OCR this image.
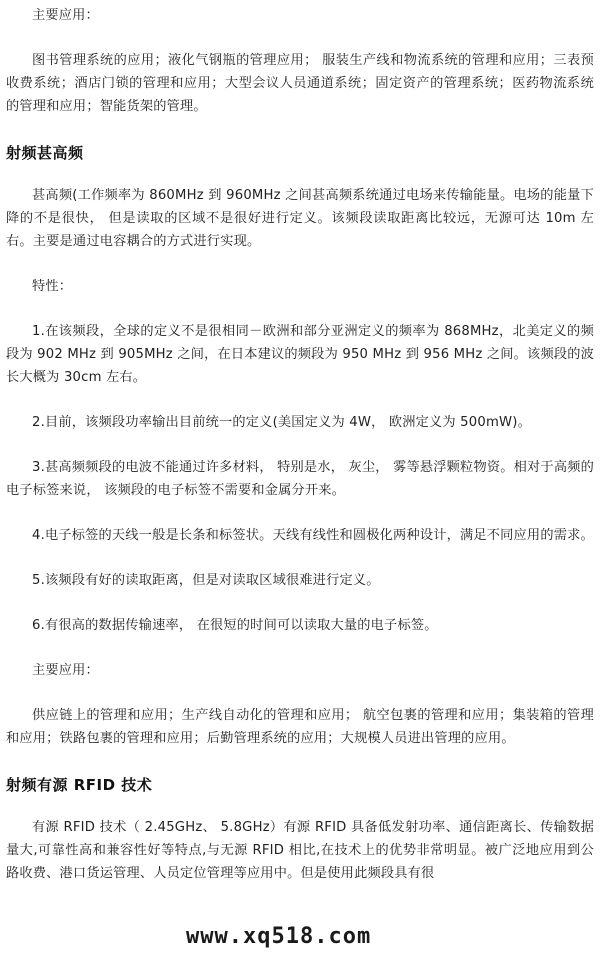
主要应用：

图书管理系统的应用；液化气钢瓶的管理应用； 服装生产线和物流系统的管理和应用；三表预收费系统；酒店门锁的管理和应用；大型会议人员通道系统；固定资产的管理系统；医药物流系统的管理和应用；智能货架的管理。

射频甚高频

甚高频(工作频率为 860MHz 到 960MHz 之间甚高频系统通过电场来传输能量。电场的能量下降的不是很快， 但是读取的区域不是很好进行定义。该频段读取距离比较远，无源可达 10m 左右。主要是通过电容耦合的方式进行实现。

特性：

1.在该频段，全球的定义不是很相同－欧洲和部分亚洲定义的频率为 868MHz，北美定义的频段为 902 MHz 到 905MHz 之间，在日本建议的频段为 950 MHz 到 956 MHz 之间。该频段的波长大概为 30cm 左右。

2.目前，该频段功率输出目前统一的定义(美国定义为 4W， 欧洲定义为 500mW)。

3.甚高频频段的电波不能通过许多材料， 特别是水， 灰尘， 雾等悬浮颗粒物资。相对于高频的电子标签来说， 该频段的电子标签不需要和金属分开来。

4.电子标签的天线一般是长条和标签状。天线有线性和圆极化两种设计，满足不同应用的需求。

5.该频段有好的读取距离，但是对读取区域很难进行定义。

6.有很高的数据传输速率， 在很短的时间可以读取大量的电子标签。

主要应用：

供应链上的管理和应用；生产线自动化的管理和应用； 航空包裹的管理和应用；集装箱的管理和应用；铁路包裹的管理和应用；后勤管理系统的应用；大规模人员进出管理的应用。

射频有源 RFID 技术

有源 RFID 技术（ 2.45GHz、 5.8GHz）有源 RFID 具备低发射功率、通信距离长、传输数据量大,可靠性高和兼容性好等特点,与无源 RFID 相比,在技术上的优势非常明显。被广泛地应用到公路收费、港口货运管理、人员定位管理等应用中。但是使用此频段具有很

www.xq518.com
